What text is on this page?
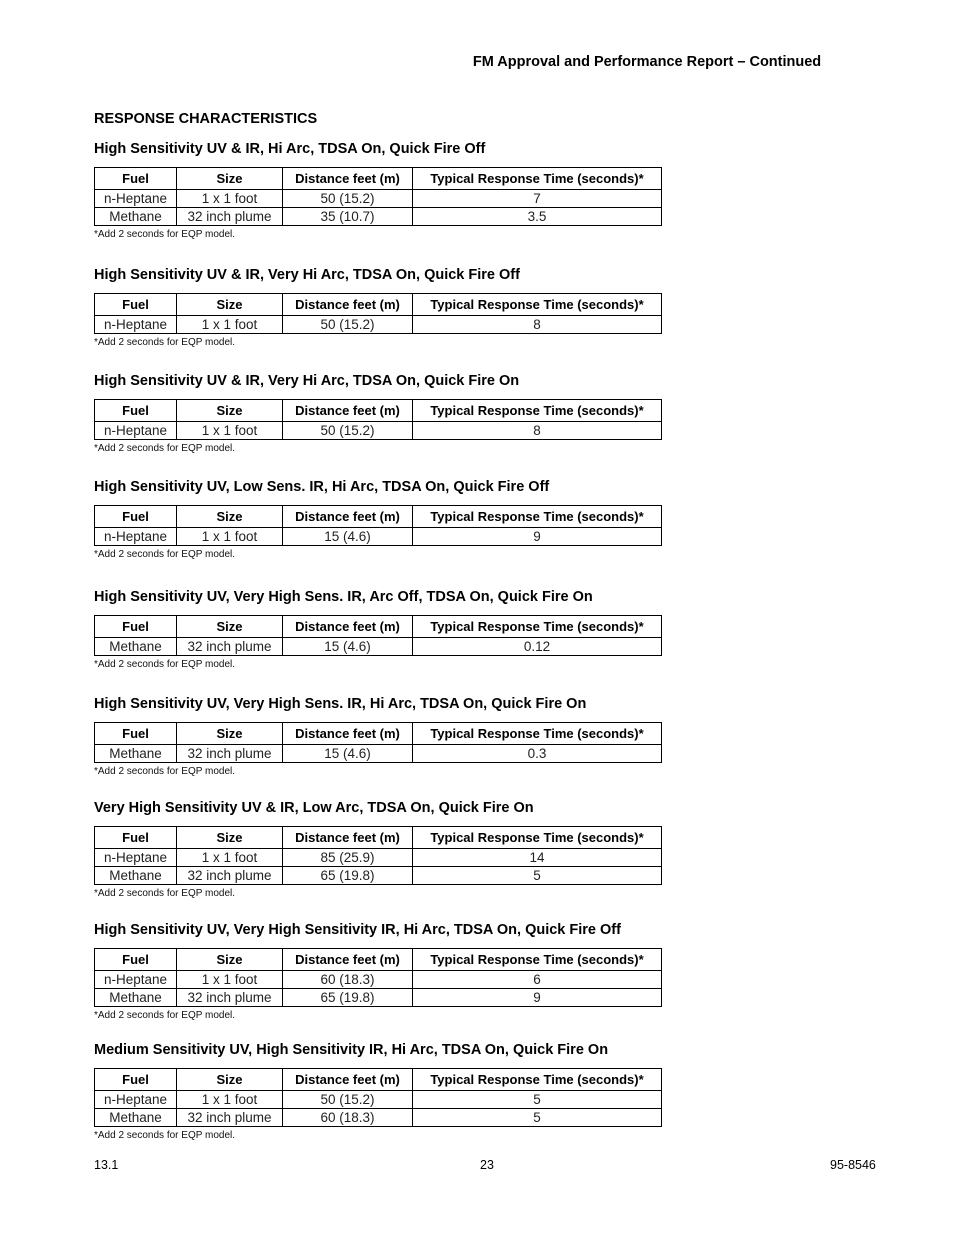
FM Approval and Performance Report – Continued
RESPONSE CHARACTERISTICS
High Sensitivity UV & IR, Hi Arc, TDSA On, Quick Fire Off
Fuel	Size	Distance feet (m)	Typical Response Time (seconds)*
n-Heptane	1 x 1 foot	50 (15.2)	7
Methane	32 inch plume	35 (10.7)	3.5
*Add 2 seconds for EQP model.
High Sensitivity UV & IR, Very Hi Arc, TDSA On, Quick Fire Off
Fuel	Size	Distance feet (m)	Typical Response Time (seconds)*
n-Heptane	1 x 1 foot	50 (15.2)	8
*Add 2 seconds for EQP model.
High Sensitivity UV & IR, Very Hi Arc, TDSA On, Quick Fire On
Fuel	Size	Distance feet (m)	Typical Response Time (seconds)*
n-Heptane	1 x 1 foot	50 (15.2)	8
*Add 2 seconds for EQP model.
High Sensitivity UV, Low Sens. IR, Hi Arc, TDSA On, Quick Fire Off
Fuel	Size	Distance feet (m)	Typical Response Time (seconds)*
n-Heptane	1 x 1 foot	15 (4.6)	9
*Add 2 seconds for EQP model.
High Sensitivity UV, Very High Sens. IR, Arc Off, TDSA On, Quick Fire On
Fuel	Size	Distance feet (m)	Typical Response Time (seconds)*
Methane	32 inch plume	15 (4.6)	0.12
*Add 2 seconds for EQP model.
High Sensitivity UV, Very High Sens. IR, Hi Arc, TDSA On, Quick Fire On
Fuel	Size	Distance feet (m)	Typical Response Time (seconds)*
Methane	32 inch plume	15 (4.6)	0.3
*Add 2 seconds for EQP model.
Very High Sensitivity UV & IR, Low Arc, TDSA On, Quick Fire On
Fuel	Size	Distance feet (m)	Typical Response Time (seconds)*
n-Heptane	1 x 1 foot	85 (25.9)	14
Methane	32 inch plume	65 (19.8)	5
*Add 2 seconds for EQP model.
High Sensitivity UV, Very High Sensitivity IR, Hi Arc, TDSA On, Quick Fire Off
Fuel	Size	Distance feet (m)	Typical Response Time (seconds)*
n-Heptane	1 x 1 foot	60 (18.3)	6
Methane	32 inch plume	65 (19.8)	9
*Add 2 seconds for EQP model.
Medium Sensitivity UV, High Sensitivity IR, Hi Arc, TDSA On, Quick Fire On
Fuel	Size	Distance feet (m)	Typical Response Time (seconds)*
n-Heptane	1 x 1 foot	50 (15.2)	5
Methane	32 inch plume	60 (18.3)	5
*Add 2 seconds for EQP model.
13.1	23	95-8546
